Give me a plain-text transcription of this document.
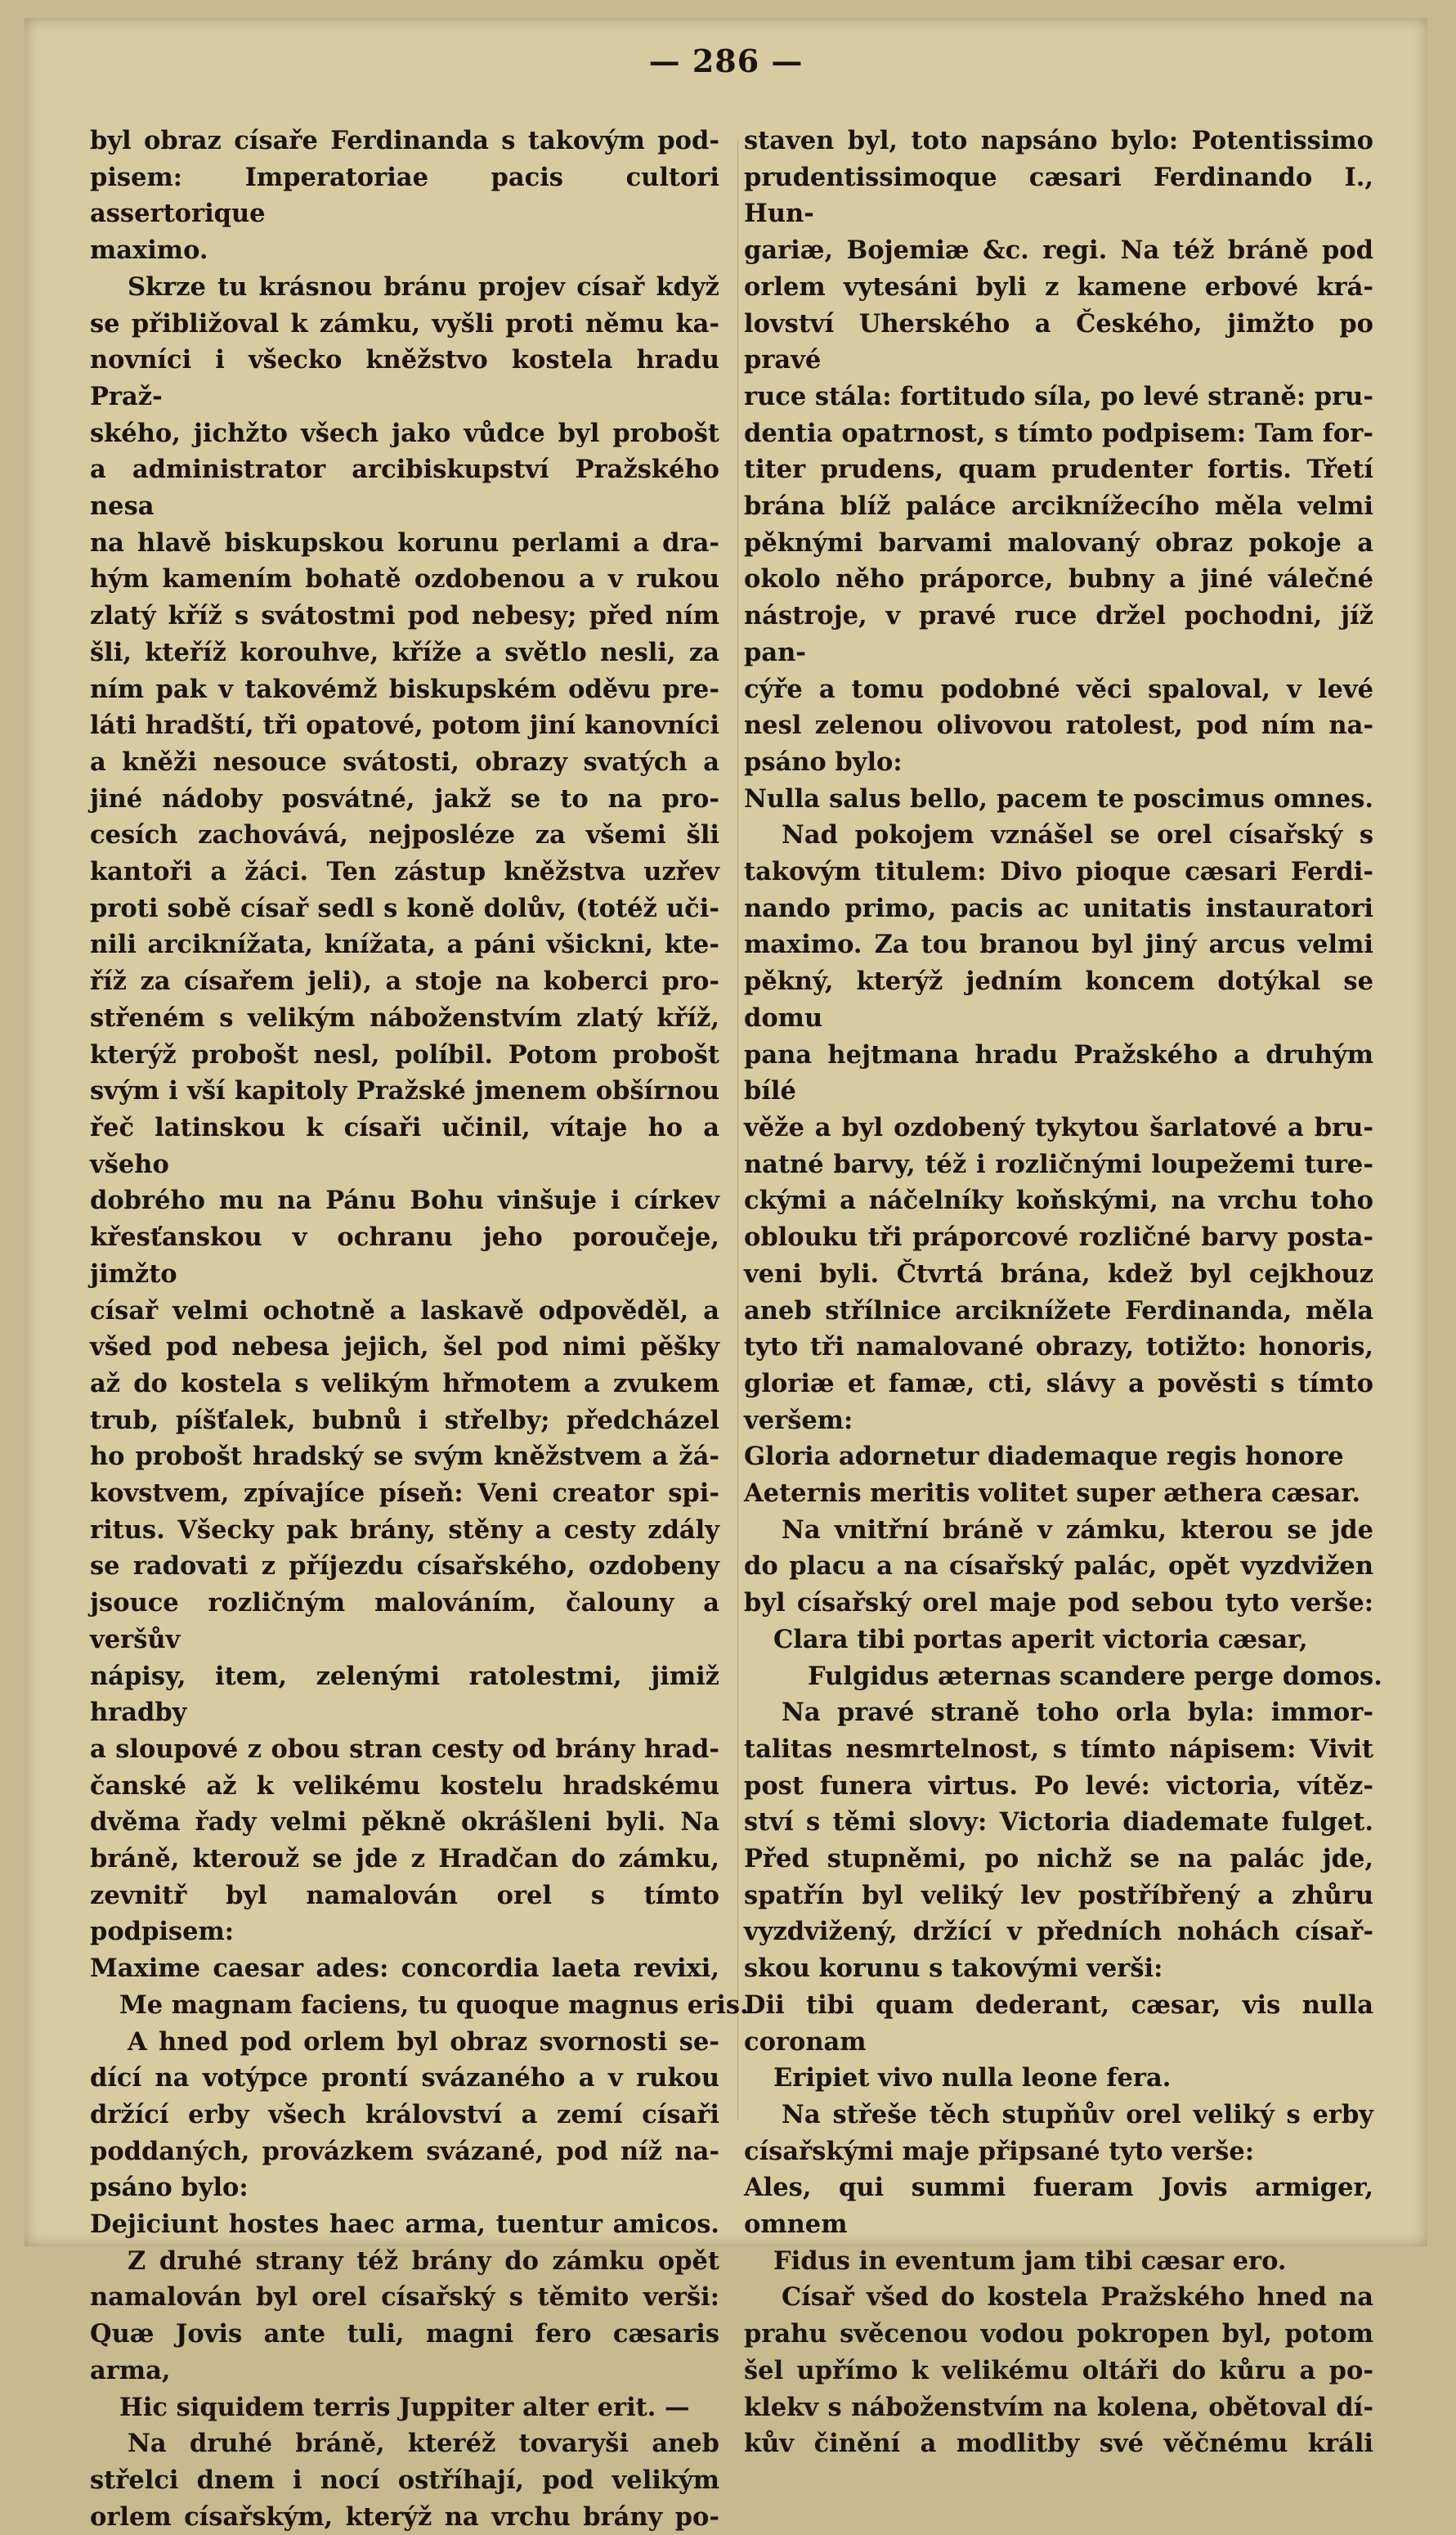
— 286 —
byl obraz císaře Ferdinanda s takovým pod-
pisem: Imperatoriae pacis cultori assertorique
maximo.
Skrze tu krásnou bránu projev císař když
se přibližoval k zámku, vyšli proti němu ka-
novníci i všecko kněžstvo kostela hradu Praž-
ského, jichžto všech jako vůdce byl probošt
a administrator arcibiskupství Pražského nesa
na hlavě biskupskou korunu perlami a dra-
hým kamením bohatě ozdobenou a v rukou
zlatý kříž s svátostmi pod nebesy; před ním
šli, kteříž korouhve, kříže a světlo nesli, za
ním pak v takovémž biskupském oděvu pre-
láti hradští, tři opatové, potom jiní kanovníci
a kněži nesouce svátosti, obrazy svatých a
jiné nádoby posvátné, jakž se to na pro-
cesích zachovává, nejposléze za všemi šli
kantoři a žáci. Ten zástup kněžstva uzřev
proti sobě císař sedl s koně dolův, (totéž uči-
nili arciknížata, knížata, a páni všickni, kte-
říž za císařem jeli), a stoje na koberci pro-
střeném s velikým náboženstvím zlatý kříž,
kterýž probošt nesl, políbil. Potom probošt
svým i vší kapitoly Pražské jmenem obšírnou
řeč latinskou k císaři učinil, vítaje ho a všeho
dobrého mu na Pánu Bohu vinšuje i církev
křesťanskou v ochranu jeho poroučeje, jimžto
císař velmi ochotně a laskavě odpověděl, a
všed pod nebesa jejich, šel pod nimi pěšky
až do kostela s velikým hřmotem a zvukem
trub, píšťalek, bubnů i střelby; předcházel
ho probošt hradský se svým kněžstvem a žá-
kovstvem, zpívajíce píseň: Veni creator spi-
ritus. Všecky pak brány, stěny a cesty zdály
se radovati z příjezdu císařského, ozdobeny
jsouce rozličným malováním, čalouny a veršův
nápisy, item, zelenými ratolestmi, jimiž hradby
a sloupové z obou stran cesty od brány hrad-
čanské až k velikému kostelu hradskému
dvěma řady velmi pěkně okrášleni byli. Na
bráně, kterouž se jde z Hradčan do zámku,
zevnitř byl namalován orel s tímto podpisem:
Maxime caesar ades: concordia laeta revixi,
Me magnam faciens, tu quoque magnus eris.
A hned pod orlem byl obraz svornosti se-
dící na votýpce prontí svázaného a v rukou
držící erby všech království a zemí císaři
poddaných, provázkem svázané, pod níž na-
psáno bylo:
Dejiciunt hostes haec arma, tuentur amicos.
Z druhé strany též brány do zámku opět
namalován byl orel císařský s těmito verši:
Quæ Jovis ante tuli, magni fero cæsaris arma,
Hic siquidem terris Juppiter alter erit. —
Na druhé bráně, kteréž tovaryši aneb
střelci dnem i nocí ostříhají, pod velikým
orlem císařským, kterýž na vrchu brány po-
staven byl, toto napsáno bylo: Potentissimo
prudentissimoque cæsari Ferdinando I., Hun-
gariæ, Bojemiæ &c. regi. Na též bráně pod
orlem vytesáni byli z kamene erbové krá-
lovství Uherského a Českého, jimžto po pravé
ruce stála: fortitudo síla, po levé straně: pru-
dentia opatrnost, s tímto podpisem: Tam for-
titer prudens, quam prudenter fortis. Třetí
brána blíž paláce arciknížecího měla velmi
pěknými barvami malovaný obraz pokoje a
okolo něho práporce, bubny a jiné válečné
nástroje, v pravé ruce držel pochodni, jíž pan-
cýře a tomu podobné věci spaloval, v levé
nesl zelenou olivovou ratolest, pod ním na-
psáno bylo:
Nulla salus bello, pacem te poscimus omnes.
Nad pokojem vznášel se orel císařský s
takovým titulem: Divo pioque cæsari Ferdi-
nando primo, pacis ac unitatis instauratori
maximo. Za tou branou byl jiný arcus velmi
pěkný, kterýž jedním koncem dotýkal se domu
pana hejtmana hradu Pražského a druhým bílé
věže a byl ozdobený tykytou šarlatové a bru-
natné barvy, též i rozličnými loupežemi ture-
ckými a náčelníky koňskými, na vrchu toho
oblouku tři práporcové rozličné barvy posta-
veni byli. Čtvrtá brána, kdež byl cejkhouz
aneb střílnice arciknížete Ferdinanda, měla
tyto tři namalované obrazy, totižto: honoris,
gloriæ et famæ, cti, slávy a pověsti s tímto
veršem:
Gloria adornetur diademaque regis honore
Aeternis meritis volitet super æthera cæsar.
Na vnitřní bráně v zámku, kterou se jde
do placu a na císařský palác, opět vyzdvižen
byl císařský orel maje pod sebou tyto verše:
Clara tibi portas aperit victoria cæsar,
Fulgidus æternas scandere perge domos.
Na pravé straně toho orla byla: immor-
talitas nesmrtelnost, s tímto nápisem: Vivit
post funera virtus. Po levé: victoria, vítěz-
ství s těmi slovy: Victoria diademate fulget.
Před stupněmi, po nichž se na palác jde,
spatřín byl veliký lev postříbřený a zhůru
vyzdvižený, držící v předních nohách císař-
skou korunu s takovými verši:
Dii tibi quam dederant, cæsar, vis nulla coronam
Eripiet vivo nulla leone fera.
Na střeše těch stupňův orel veliký s erby
císařskými maje připsané tyto verše:
Ales, qui summi fueram Jovis armiger, omnem
Fidus in eventum jam tibi cæsar ero.
Císař všed do kostela Pražského hned na
prahu svěcenou vodou pokropen byl, potom
šel upřímo k velikému oltáři do kůru a po-
klekv s náboženstvím na kolena, obětoval dí-
kův činění a modlitby své věčnému králi
